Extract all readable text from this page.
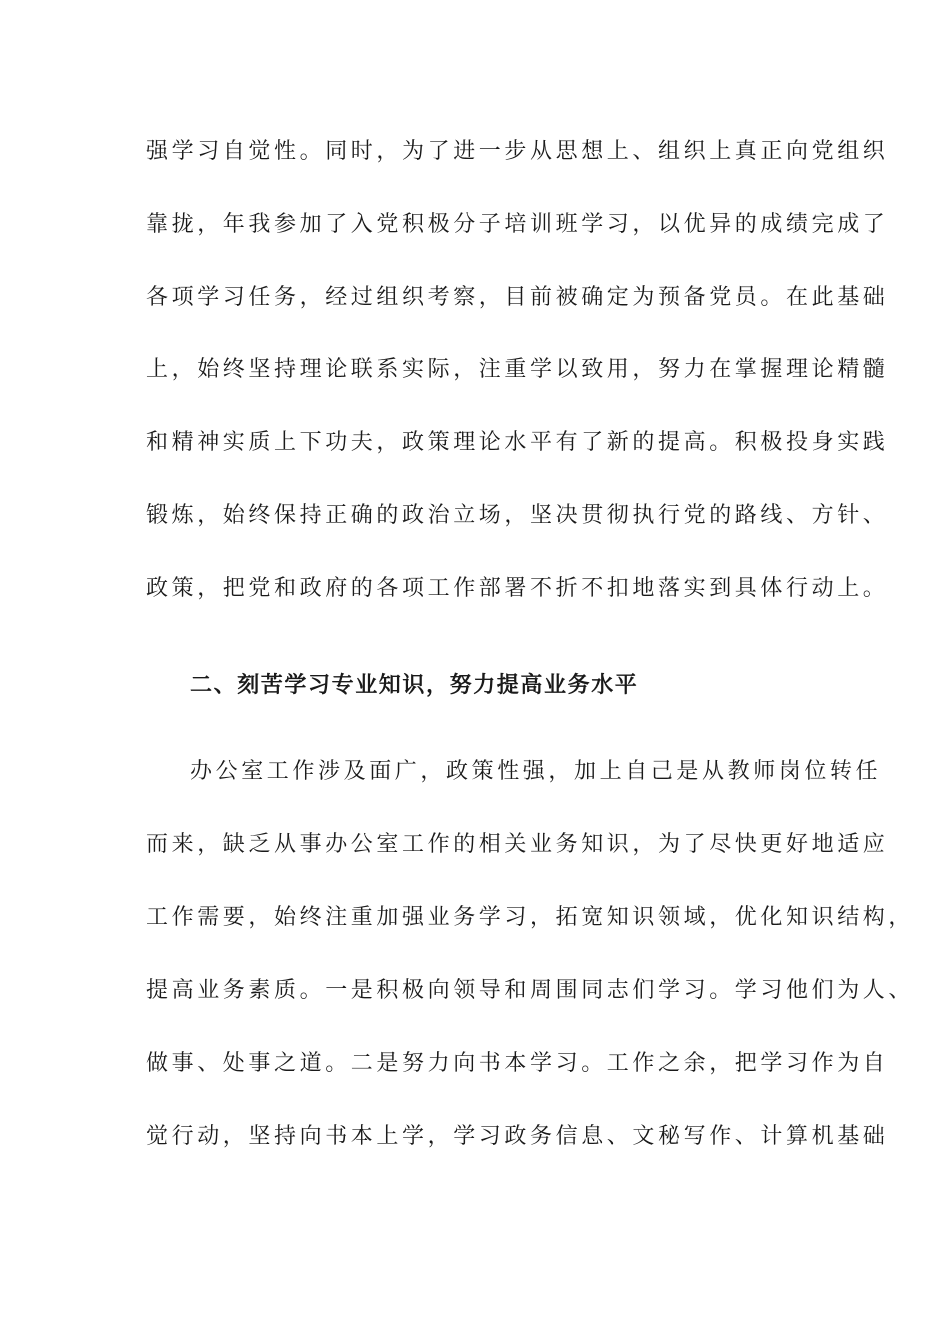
强学习自觉性。同时，为了进一步从思想上、组织上真正向党组织
靠拢，年我参加了入党积极分子培训班学习，以优异的成绩完成了
各项学习任务，经过组织考察，目前被确定为预备党员。在此基础
上，始终坚持理论联系实际，注重学以致用，努力在掌握理论精髓
和精神实质上下功夫，政策理论水平有了新的提高。积极投身实践
锻炼，始终保持正确的政治立场，坚决贯彻执行党的路线、方针、
政策，把党和政府的各项工作部署不折不扣地落实到具体行动上。
二、刻苦学习专业知识，努力提高业务水平
办公室工作涉及面广，政策性强，加上自己是从教师岗位转任
而来，缺乏从事办公室工作的相关业务知识，为了尽快更好地适应
工作需要，始终注重加强业务学习，拓宽知识领域，优化知识结构，
提高业务素质。一是积极向领导和周围同志们学习。学习他们为人、
做事、处事之道。二是努力向书本学习。工作之余，把学习作为自
觉行动，坚持向书本上学，学习政务信息、文秘写作、计算机基础
